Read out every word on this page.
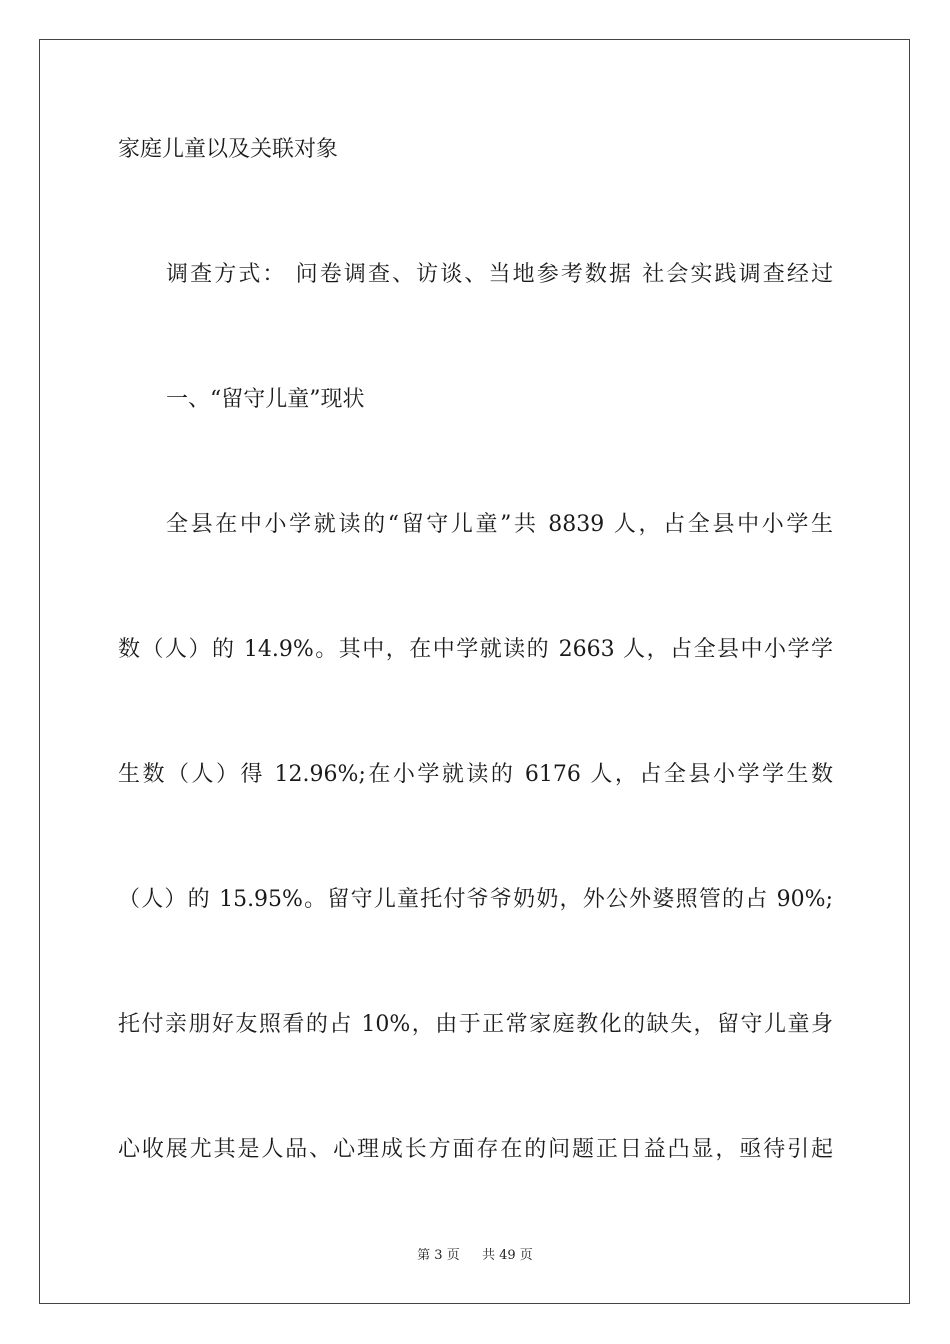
家庭儿童以及关联对象
调查方式： 问卷调查、访谈、当地参考数据 社会实践调查经过
一、“留守儿童”现状
全县在中小学就读的“留守儿童”共 8839 人，占全县中小学生
数（人）的 14.9%。其中，在中学就读的 2663 人，占全县中小学学
生数（人）得 12.96%;在小学就读的 6176 人，占全县小学学生数
（人）的 15.95%。留守儿童托付爷爷奶奶，外公外婆照管的占 90%;
托付亲朋好友照看的占 10%，由于正常家庭教化的缺失，留守儿童身
心收展尤其是人品、心理成长方面存在的问题正日益凸显，亟待引起
第 3 页 共 49 页
